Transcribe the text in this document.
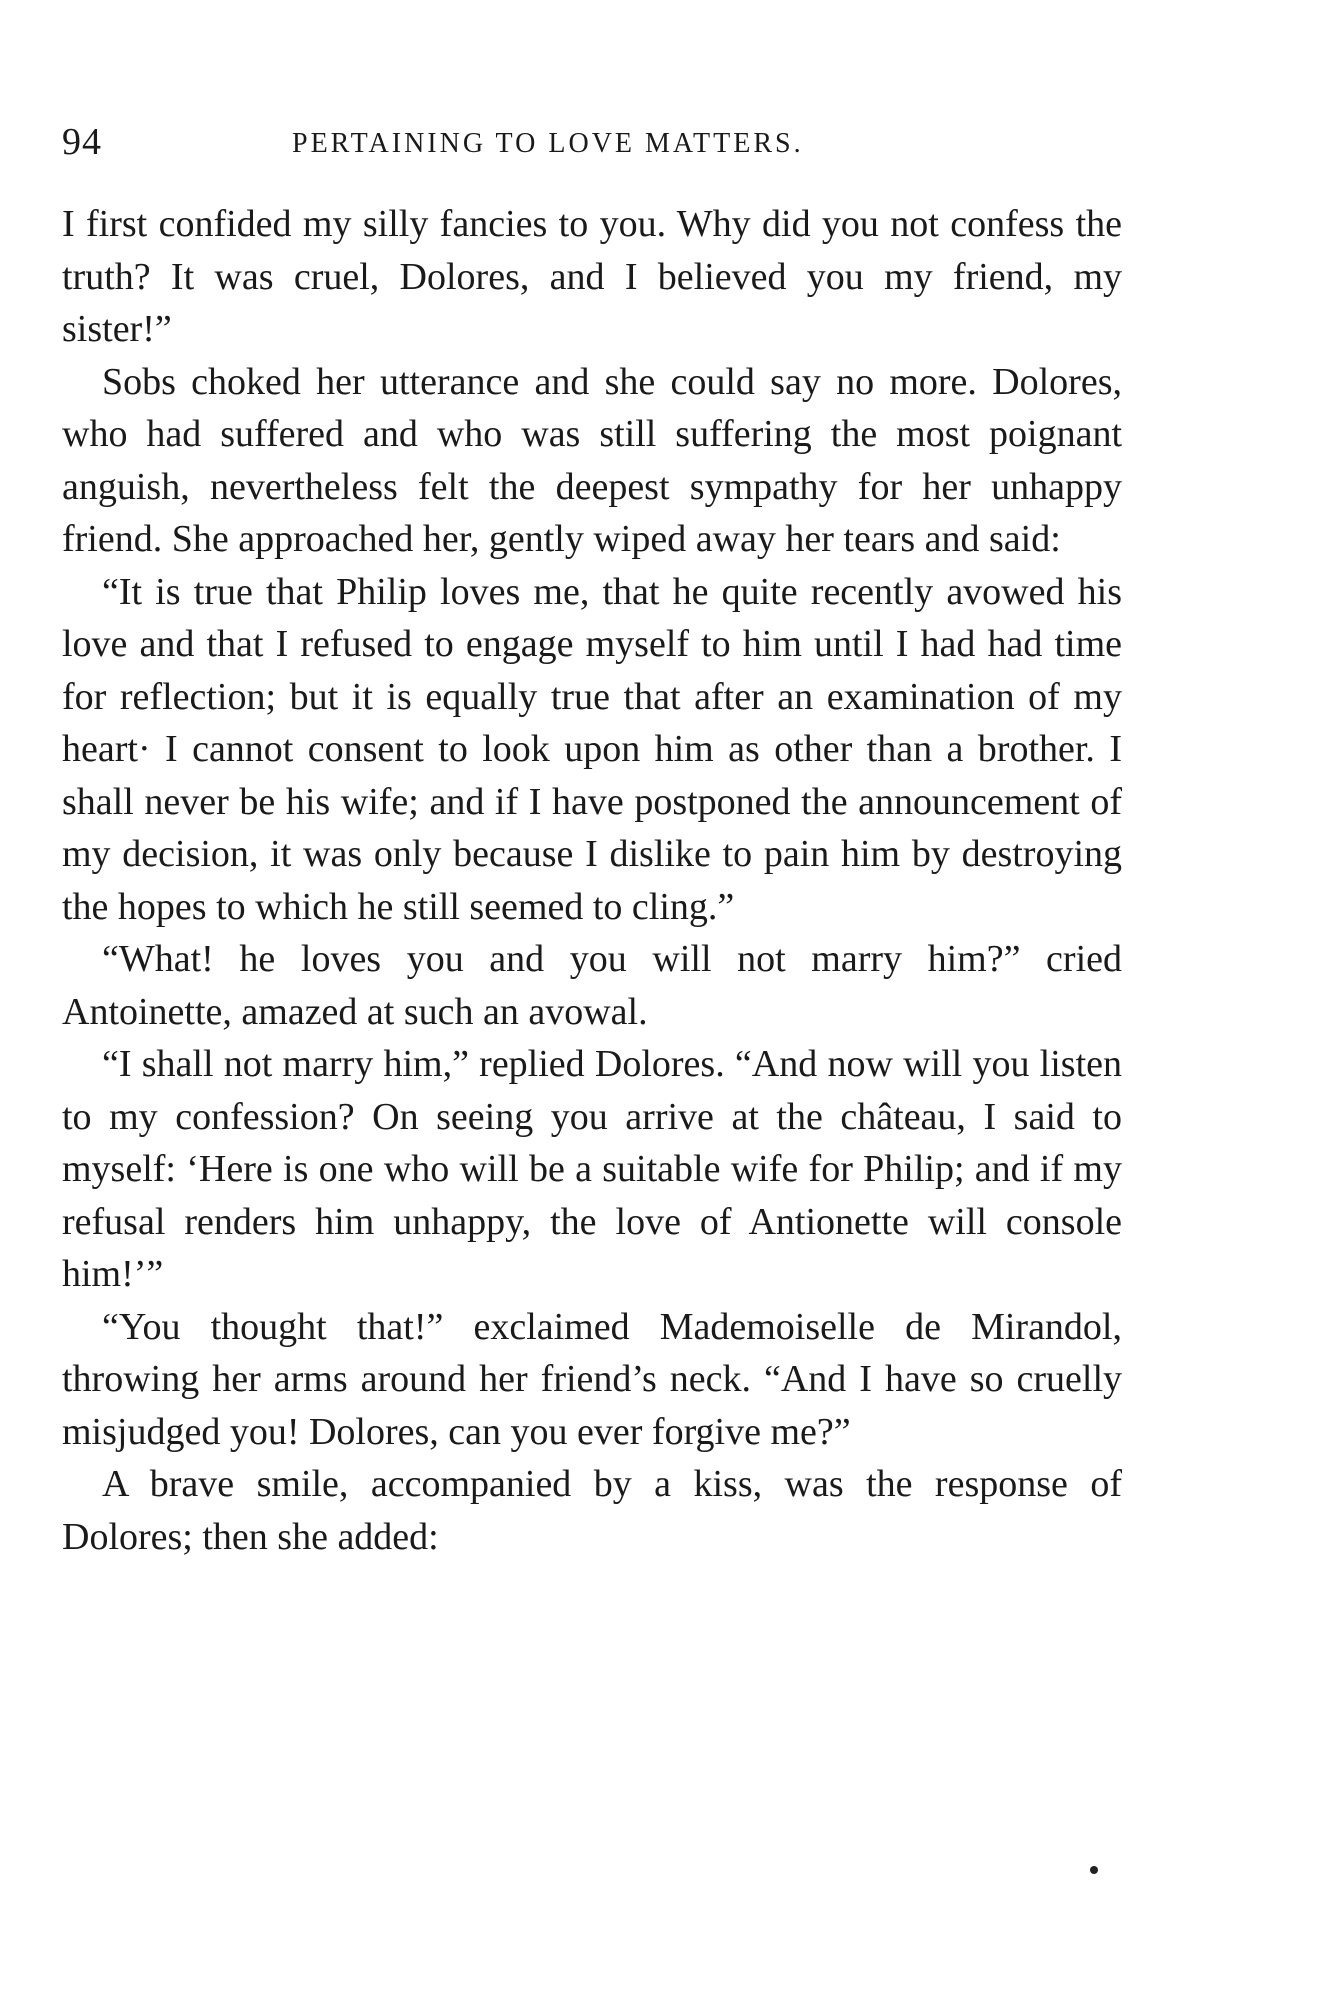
94	PERTAINING TO LOVE MATTERS.

I first confided my silly fancies to you. Why did you not confess the truth? It was cruel, Dolores, and I believed you my friend, my sister!”

Sobs choked her utterance and she could say no more. Dolores, who had suffered and who was still suffering the most poignant anguish, nevertheless felt the deepest sympathy for her unhappy friend. She approached her, gently wiped away her tears and said:

“It is true that Philip loves me, that he quite recently avowed his love and that I refused to engage myself to him until I had had time for reflection; but it is equally true that after an examination of my heart· I cannot consent to look upon him as other than a brother. I shall never be his wife; and if I have postponed the announcement of my decision, it was only because I dislike to pain him by destroying the hopes to which he still seemed to cling.”

“What! he loves you and you will not marry him?” cried Antoinette, amazed at such an avowal.

“I shall not marry him,” replied Dolores. “And now will you listen to my confession? On seeing you arrive at the château, I said to myself: ‘Here is one who will be a suitable wife for Philip; and if my refusal renders him unhappy, the love of Antionette will console him!’”

“You thought that!” exclaimed Mademoiselle de Mirandol, throwing her arms around her friend’s neck. “And I have so cruelly misjudged you! Dolores, can you ever forgive me?”

A brave smile, accompanied by a kiss, was the response of Dolores; then she added:
